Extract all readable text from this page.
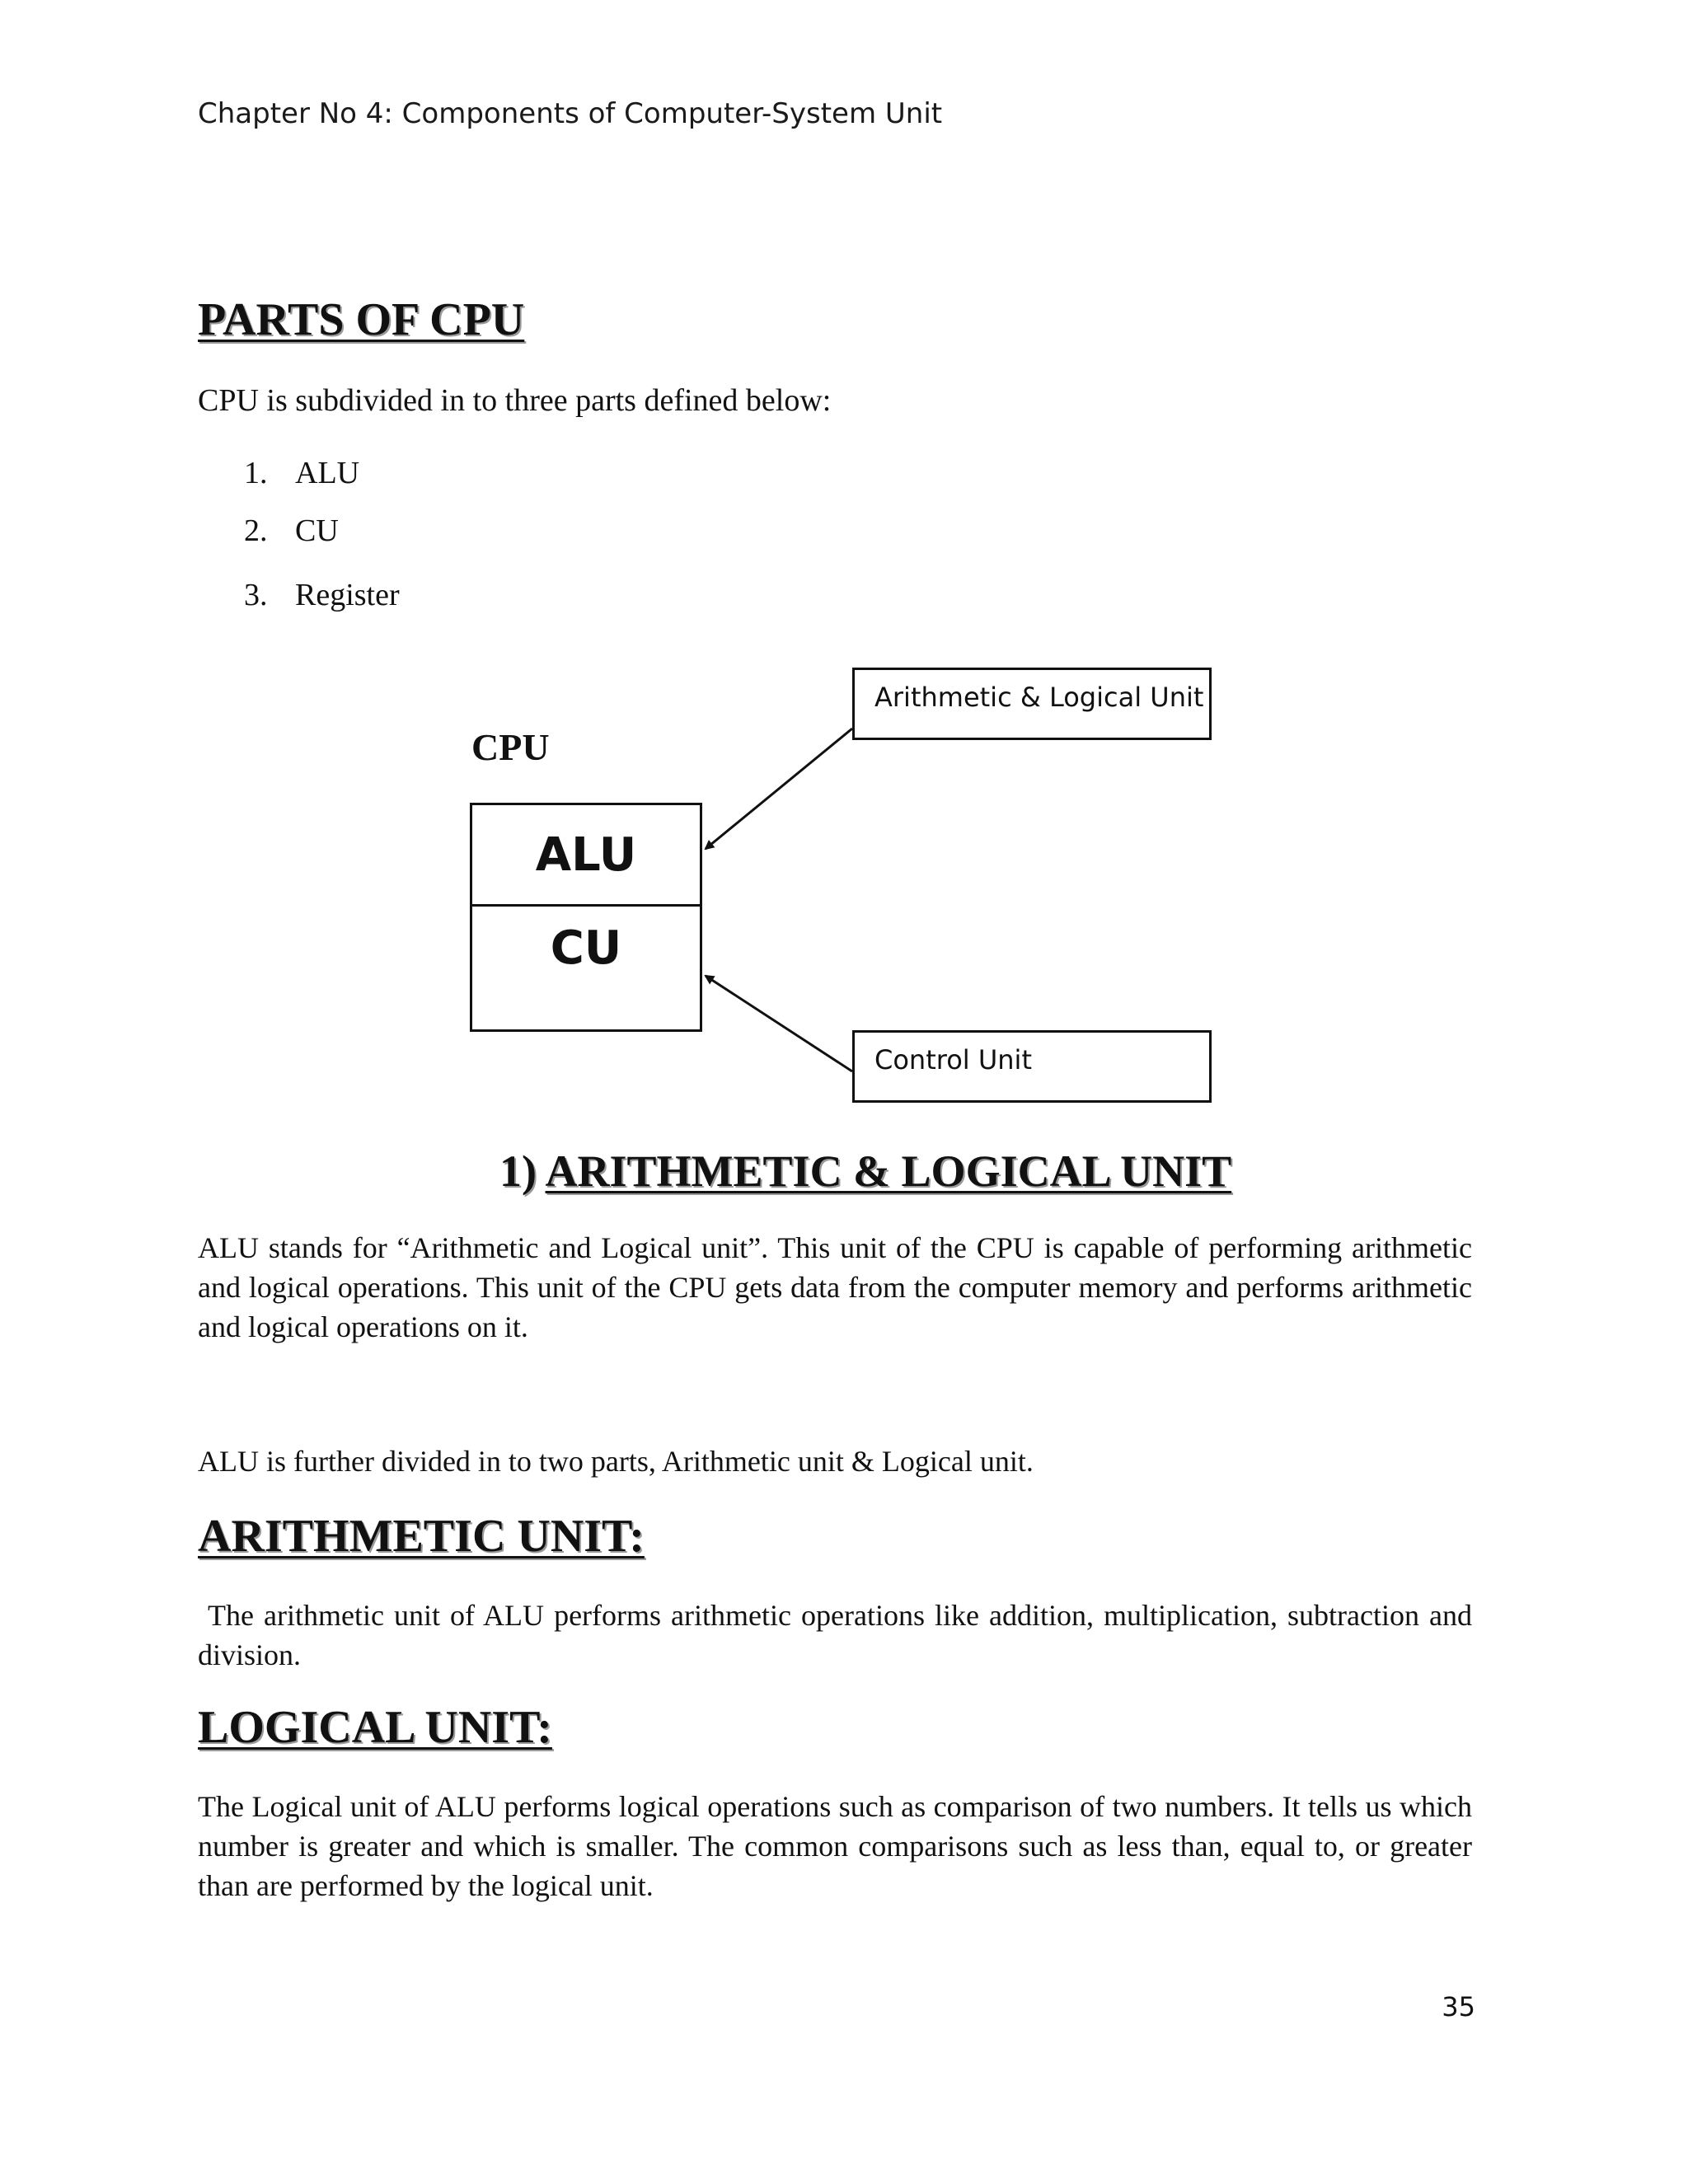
Chapter No 4: Components of Computer-System Unit
PARTS OF CPU
CPU is subdivided in to three parts defined below:
1. ALU
2. CU
3. Register
CPU
ALU
CU
Arithmetic & Logical Unit
Control Unit
1) ARITHMETIC & LOGICAL UNIT
ALU stands for “Arithmetic and Logical unit”. This unit of the CPU is capable of performing arithmetic and logical operations. This unit of the CPU gets data from the computer memory and performs arithmetic and logical operations on it.
ALU is further divided in to two parts, Arithmetic unit & Logical unit.
ARITHMETIC UNIT:
The arithmetic unit of ALU performs arithmetic operations like addition, multiplication, subtraction and division.
LOGICAL UNIT:
The Logical unit of ALU performs logical operations such as comparison of two numbers. It tells us which number is greater and which is smaller. The common comparisons such as less than, equal to, or greater than are performed by the logical unit.
35
